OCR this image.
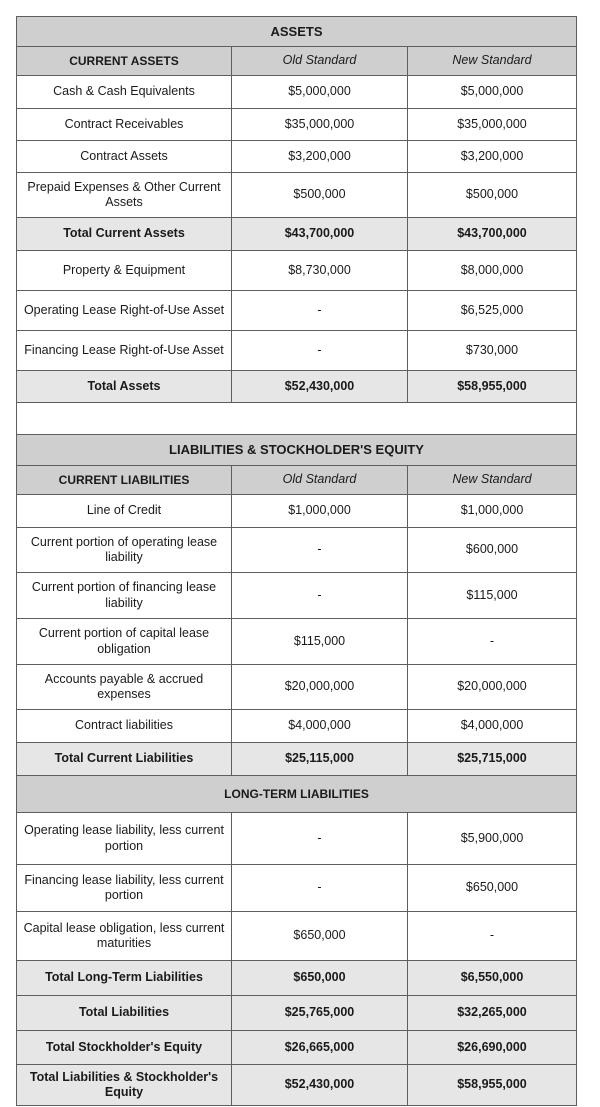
ASSETS		
CURRENT ASSETS	Old Standard	New Standard
Cash & Cash Equivalents	$5,000,000	$5,000,000
Contract Receivables	$35,000,000	$35,000,000
Contract Assets	$3,200,000	$3,200,000
Prepaid Expenses & Other Current Assets	$500,000	$500,000
Total Current Assets	$43,700,000	$43,700,000
Property & Equipment	$8,730,000	$8,000,000
Operating Lease Right-of-Use Asset	-	$6,525,000
Financing Lease Right-of-Use Asset	-	$730,000
Total Assets	$52,430,000	$58,955,000

LIABILITIES & STOCKHOLDER'S EQUITY		
CURRENT LIABILITIES	Old Standard	New Standard
Line of Credit	$1,000,000	$1,000,000
Current portion of operating lease liability	-	$600,000
Current portion of financing lease liability	-	$115,000
Current portion of capital lease obligation	$115,000	-
Accounts payable & accrued expenses	$20,000,000	$20,000,000
Contract liabilities	$4,000,000	$4,000,000
Total Current Liabilities	$25,115,000	$25,715,000
LONG-TERM LIABILITIES		
Operating lease liability, less current portion	-	$5,900,000
Financing lease liability, less current portion	-	$650,000
Capital lease obligation, less current maturities	$650,000	-
Total Long-Term Liabilities	$650,000	$6,550,000
Total Liabilities	$25,765,000	$32,265,000
Total Stockholder's Equity	$26,665,000	$26,690,000
Total Liabilities & Stockholder's Equity	$52,430,000	$58,955,000
